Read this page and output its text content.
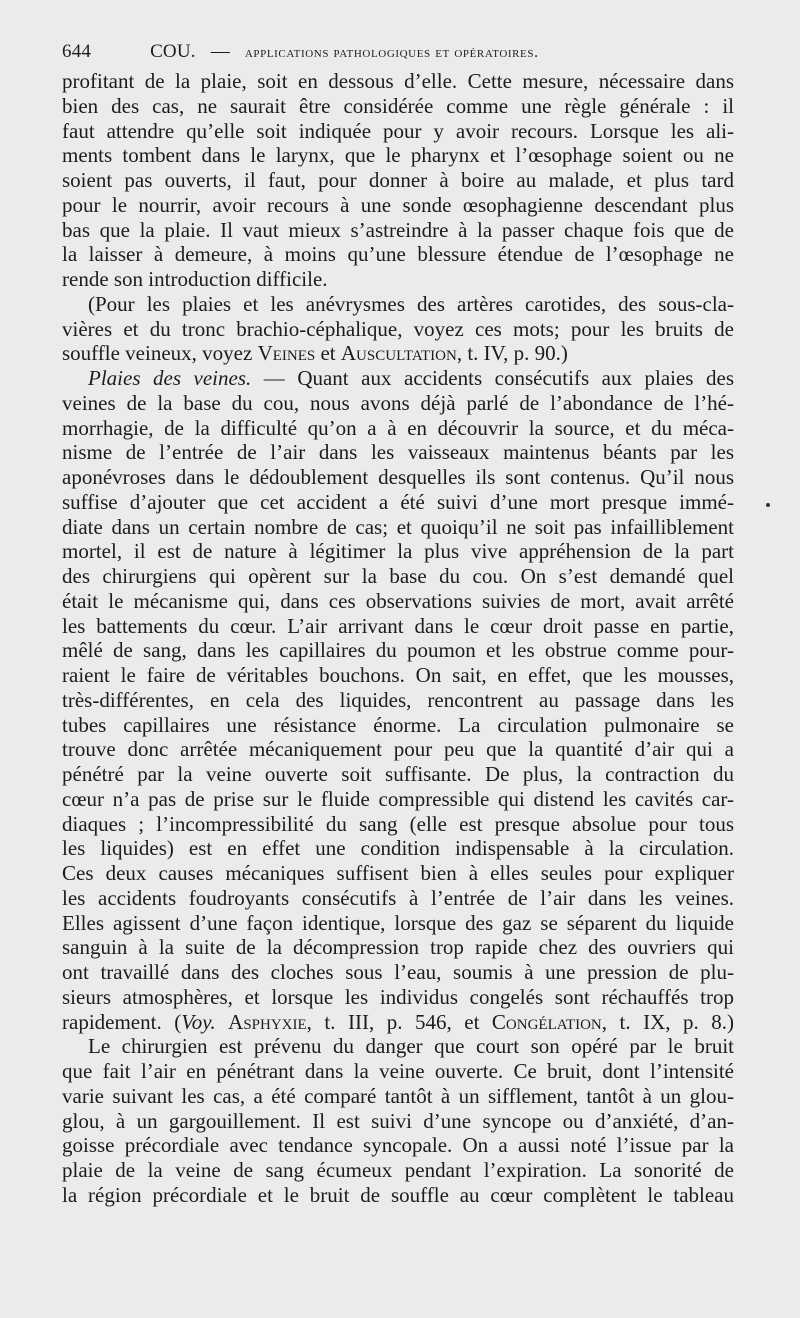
644	COU. — applications pathologiques et opératoires.
profitant de la plaie, soit en dessous d’elle. Cette mesure, nécessaire dans
bien des cas, ne saurait être considérée comme une règle générale : il
faut attendre qu’elle soit indiquée pour y avoir recours. Lorsque les ali-
ments tombent dans le larynx, que le pharynx et l’œsophage soient ou ne
soient pas ouverts, il faut, pour donner à boire au malade, et plus tard
pour le nourrir, avoir recours à une sonde œsophagienne descendant plus
bas que la plaie. Il vaut mieux s’astreindre à la passer chaque fois que de
la laisser à demeure, à moins qu’une blessure étendue de l’œsophage ne
rende son introduction difficile.
(Pour les plaies et les anévrysmes des artères carotides, des sous-cla-
vières et du tronc brachio-céphalique, voyez ces mots; pour les bruits de
souffle veineux, voyez Veines et Auscultation, t. IV, p. 90.)
Plaies des veines. — Quant aux accidents consécutifs aux plaies des
veines de la base du cou, nous avons déjà parlé de l’abondance de l’hé-
morrhagie, de la difficulté qu’on a à en découvrir la source, et du méca-
nisme de l’entrée de l’air dans les vaisseaux maintenus béants par les
aponévroses dans le dédoublement desquelles ils sont contenus. Qu’il nous
suffise d’ajouter que cet accident a été suivi d’une mort presque immé-
diate dans un certain nombre de cas; et quoiqu’il ne soit pas infailliblement
mortel, il est de nature à légitimer la plus vive appréhension de la part
des chirurgiens qui opèrent sur la base du cou. On s’est demandé quel
était le mécanisme qui, dans ces observations suivies de mort, avait arrêté
les battements du cœur. L’air arrivant dans le cœur droit passe en partie,
mêlé de sang, dans les capillaires du poumon et les obstrue comme pour-
raient le faire de véritables bouchons. On sait, en effet, que les mousses,
très-différentes, en cela des liquides, rencontrent au passage dans les
tubes capillaires une résistance énorme. La circulation pulmonaire se
trouve donc arrêtée mécaniquement pour peu que la quantité d’air qui a
pénétré par la veine ouverte soit suffisante. De plus, la contraction du
cœur n’a pas de prise sur le fluide compressible qui distend les cavités car-
diaques ; l’incompressibilité du sang (elle est presque absolue pour tous
les liquides) est en effet une condition indispensable à la circulation.
Ces deux causes mécaniques suffisent bien à elles seules pour expliquer
les accidents foudroyants consécutifs à l’entrée de l’air dans les veines.
Elles agissent d’une façon identique, lorsque des gaz se séparent du liquide
sanguin à la suite de la décompression trop rapide chez des ouvriers qui
ont travaillé dans des cloches sous l’eau, soumis à une pression de plu-
sieurs atmosphères, et lorsque les individus congelés sont réchauffés trop
rapidement. (Voy. Asphyxie, t. III, p. 546, et Congélation, t. IX, p. 8.)
Le chirurgien est prévenu du danger que court son opéré par le bruit
que fait l’air en pénétrant dans la veine ouverte. Ce bruit, dont l’intensité
varie suivant les cas, a été comparé tantôt à un sifflement, tantôt à un glou-
glou, à un gargouillement. Il est suivi d’une syncope ou d’anxiété, d’an-
goisse précordiale avec tendance syncopale. On a aussi noté l’issue par la
plaie de la veine de sang écumeux pendant l’expiration. La sonorité de
la région précordiale et le bruit de souffle au cœur complètent le tableau
